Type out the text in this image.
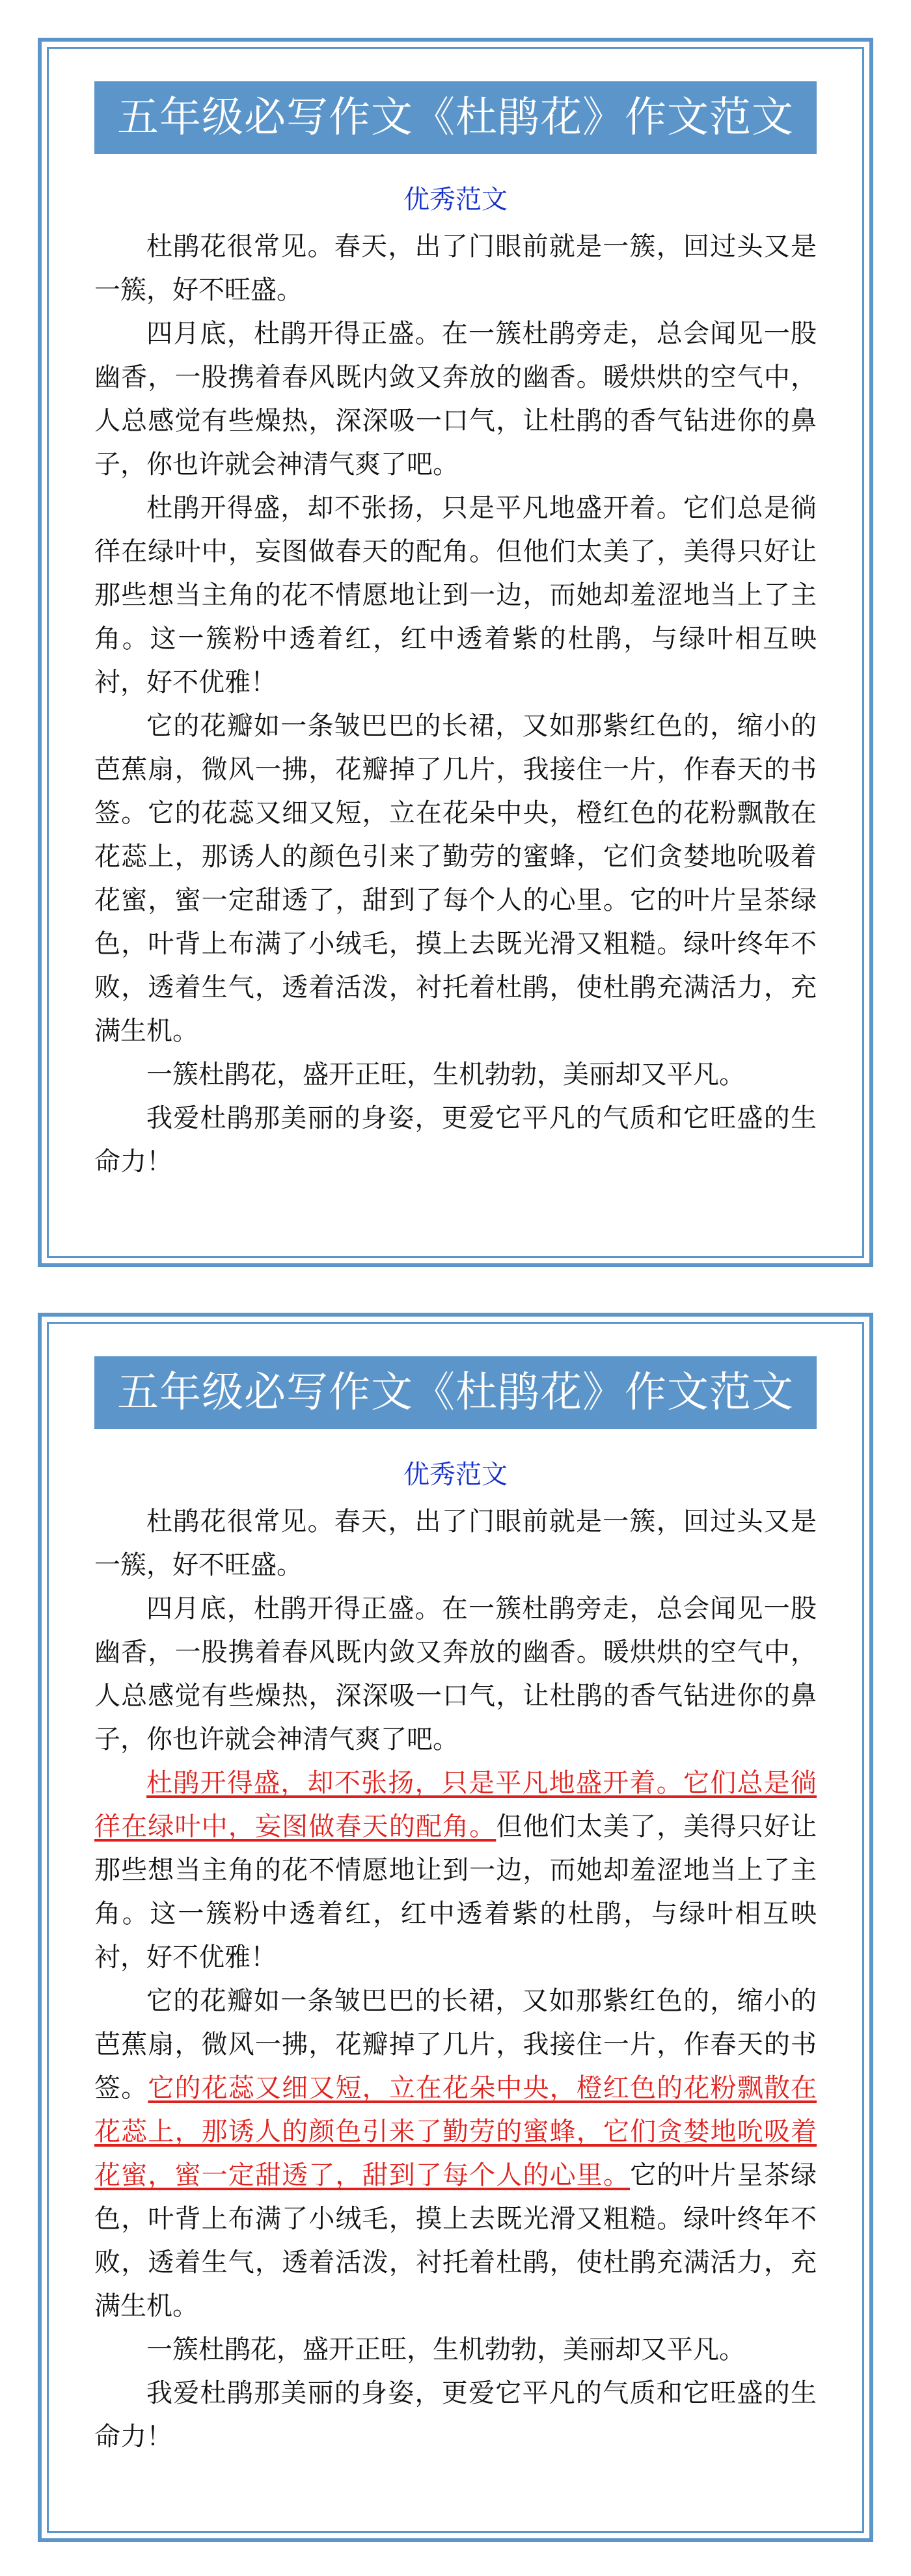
五年级必写作文《杜鹃花》作文范文
优秀范文

杜鹃花很常见。春天，出了门眼前就是一簇，回过头又是一簇，好不旺盛。

四月底，杜鹃开得正盛。在一簇杜鹃旁走，总会闻见一股幽香，一股携着春风既内敛又奔放的幽香。暖烘烘的空气中，人总感觉有些燥热，深深吸一口气，让杜鹃的香气钻进你的鼻子，你也许就会神清气爽了吧。

杜鹃开得盛，却不张扬，只是平凡地盛开着。它们总是徜徉在绿叶中，妄图做春天的配角。但他们太美了，美得只好让那些想当主角的花不情愿地让到一边，而她却羞涩地当上了主角。这一簇粉中透着红，红中透着紫的杜鹃，与绿叶相互映衬，好不优雅！

它的花瓣如一条皱巴巴的长裙，又如那紫红色的，缩小的芭蕉扇，微风一拂，花瓣掉了几片，我接住一片，作春天的书签。它的花蕊又细又短，立在花朵中央，橙红色的花粉飘散在花蕊上，那诱人的颜色引来了勤劳的蜜蜂，它们贪婪地吮吸着花蜜，蜜一定甜透了，甜到了每个人的心里。它的叶片呈茶绿色，叶背上布满了小绒毛，摸上去既光滑又粗糙。绿叶终年不败，透着生气，透着活泼，衬托着杜鹃，使杜鹃充满活力，充满生机。

一簇杜鹃花，盛开正旺，生机勃勃，美丽却又平凡。

我爱杜鹃那美丽的身姿，更爱它平凡的气质和它旺盛的生命力！

五年级必写作文《杜鹃花》作文范文
优秀范文

杜鹃花很常见。春天，出了门眼前就是一簇，回过头又是一簇，好不旺盛。

四月底，杜鹃开得正盛。在一簇杜鹃旁走，总会闻见一股幽香，一股携着春风既内敛又奔放的幽香。暖烘烘的空气中，人总感觉有些燥热，深深吸一口气，让杜鹃的香气钻进你的鼻子，你也许就会神清气爽了吧。

杜鹃开得盛，却不张扬，只是平凡地盛开着。它们总是徜徉在绿叶中，妄图做春天的配角。但他们太美了，美得只好让那些想当主角的花不情愿地让到一边，而她却羞涩地当上了主角。这一簇粉中透着红，红中透着紫的杜鹃，与绿叶相互映衬，好不优雅！

它的花瓣如一条皱巴巴的长裙，又如那紫红色的，缩小的芭蕉扇，微风一拂，花瓣掉了几片，我接住一片，作春天的书签。它的花蕊又细又短，立在花朵中央，橙红色的花粉飘散在花蕊上，那诱人的颜色引来了勤劳的蜜蜂，它们贪婪地吮吸着花蜜，蜜一定甜透了，甜到了每个人的心里。它的叶片呈茶绿色，叶背上布满了小绒毛，摸上去既光滑又粗糙。绿叶终年不败，透着生气，透着活泼，衬托着杜鹃，使杜鹃充满活力，充满生机。

一簇杜鹃花，盛开正旺，生机勃勃，美丽却又平凡。

我爱杜鹃那美丽的身姿，更爱它平凡的气质和它旺盛的生命力！
